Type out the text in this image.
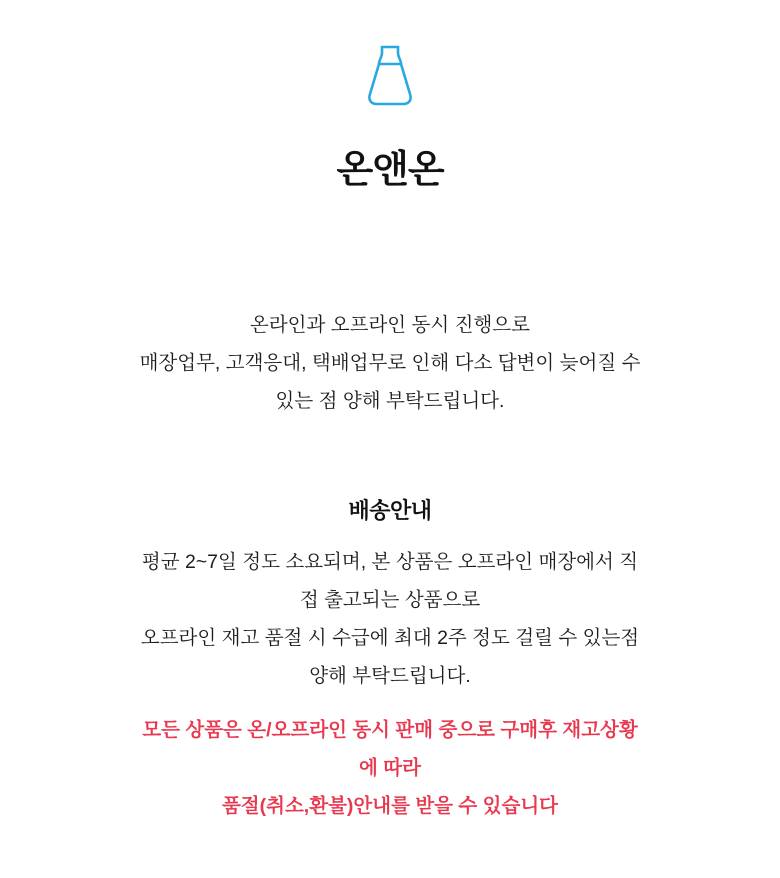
온앤온
온라인과 오프라인 동시 진행으로
매장업무, 고객응대, 택배업무로 인해 다소 답변이 늦어질 수
있는 점 양해 부탁드립니다.
배송안내
평균 2~7일 정도 소요되며, 본 상품은 오프라인 매장에서 직
접 출고되는 상품으로
오프라인 재고 품절 시 수급에 최대 2주 정도 걸릴 수 있는점
양해 부탁드립니다.
모든 상품은 온/오프라인 동시 판매 중으로 구매후 재고상황
에 따라
품절(취소,환불)안내를 받을 수 있습니다
